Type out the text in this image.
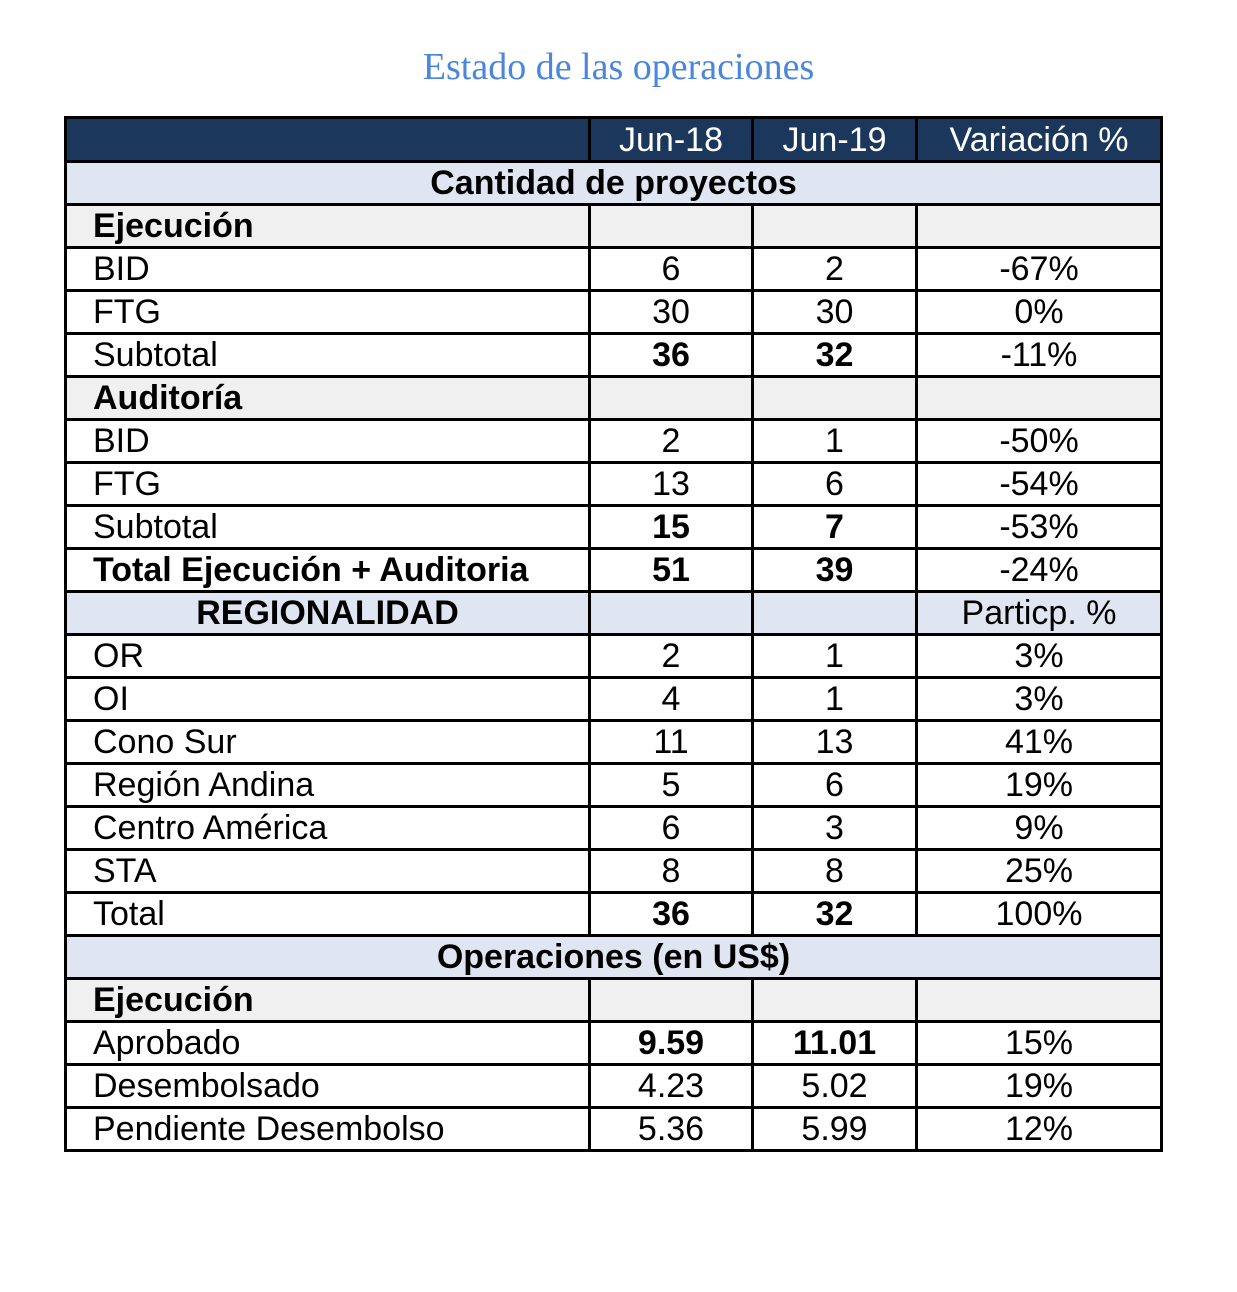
Estado de las operaciones
	Jun-18	Jun-19	Variación %
Cantidad de proyectos			
Ejecución			
BID	6	2	-67%
FTG	30	30	0%
Subtotal	36	32	-11%
Auditoría			
BID	2	1	-50%
FTG	13	6	-54%
Subtotal	15	7	-53%
Total Ejecución + Auditoria	51	39	-24%
REGIONALIDAD			Particp. %
OR	2	1	3%
OI	4	1	3%
Cono Sur	11	13	41%
Región Andina	5	6	19%
Centro América	6	3	9%
STA	8	8	25%
Total	36	32	100%
Operaciones (en US$)			
Ejecución			
Aprobado	9.59	11.01	15%
Desembolsado	4.23	5.02	19%
Pendiente Desembolso	5.36	5.99	12%
